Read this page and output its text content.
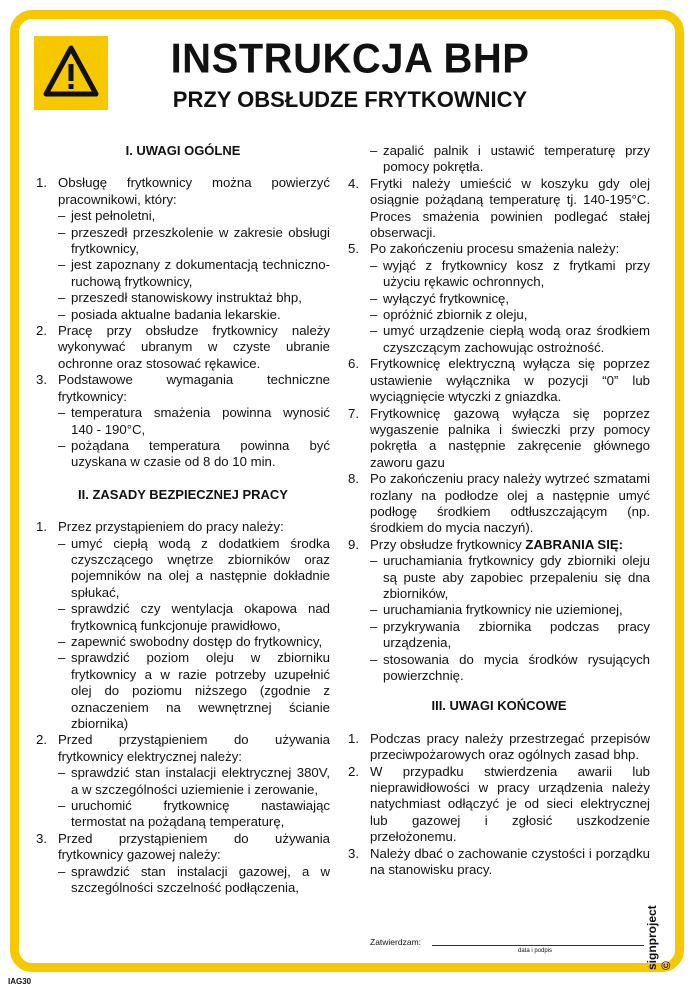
INSTRUKCJA BHP
PRZY OBSŁUDZE FRYTKOWNICY
I. UWAGI OGÓLNE
1. Obsługę frytkownicy można powierzyć pracownikowi, który:
– jest pełnoletni,
– przeszedł przeszkolenie w zakresie obsługi frytkownicy,
– jest zapoznany z dokumentacją techniczno-ruchową frytkownicy,
– przeszedł stanowiskowy instruktaż bhp,
– posiada aktualne badania lekarskie.
2. Pracę przy obsłudze frytkownicy należy wykonywać ubranym w czyste ubranie ochronne oraz stosować rękawice.
3. Podstawowe wymagania techniczne frytkownicy:
– temperatura smażenia powinna wynosić 140 - 190°C,
– pożądana temperatura powinna być uzyskana w czasie od 8 do 10 min.
II. ZASADY BEZPIECZNEJ PRACY
1. Przez przystąpieniem do pracy należy:
– umyć ciepłą wodą z dodatkiem środka czyszczącego wnętrze zbiorników oraz pojemników na olej a następnie dokładnie spłukać,
– sprawdzić czy wentylacja okapowa nad frytkownicą funkcjonuje prawidłowo,
– zapewnić swobodny dostęp do frytkownicy,
– sprawdzić poziom oleju w zbiorniku frytkownicy a w razie potrzeby uzupełnić olej do poziomu niższego (zgodnie z oznaczeniem na wewnętrznej ścianie zbiornika)
2. Przed przystąpieniem do używania frytkownicy elektrycznej należy:
– sprawdzić stan instalacji elektrycznej 380V, a w szczególności uziemienie i zerowanie,
– uruchomić frytkownicę nastawiając termostat na pożądaną temperaturę,
3. Przed przystąpieniem do używania frytkownicy gazowej należy:
– sprawdzić stan instalacji gazowej, a w szczególności szczelność podłączenia,
– zapalić palnik i ustawić temperaturę przy pomocy pokrętła.
4. Frytki należy umieścić w koszyku gdy olej osiągnie pożądaną temperaturę tj. 140-195°C. Proces smażenia powinien podlegać stałej obserwacji.
5. Po zakończeniu procesu smażenia należy:
– wyjąć z frytkownicy kosz z frytkami przy użyciu rękawic ochronnych,
– wyłączyć frytkownicę,
– opróżnić zbiornik z oleju,
– umyć urządzenie ciepłą wodą oraz środkiem czyszczącym zachowując ostrożność.
6. Frytkownicę elektryczną wyłącza się poprzez ustawienie wyłącznika w pozycji “0” lub wyciągnięcie wtyczki z gniazdka.
7. Frytkownicę gazową wyłącza się poprzez wygaszenie palnika i świeczki przy pomocy pokrętła a następnie zakręcenie głównego zaworu gazu
8. Po zakończeniu pracy należy wytrzeć szmatami rozlany na podłodze olej a następnie umyć podłogę środkiem odtłuszczającym (np. środkiem do mycia naczyń).
9. Przy obsłudze frytkownicy ZABRANIA SIĘ:
– uruchamiania frytkownicy gdy zbiorniki oleju są puste aby zapobiec przepaleniu się dna zbiorników,
– uruchamiania frytkownicy nie uziemionej,
– przykrywania zbiornika podczas pracy urządzenia,
– stosowania do mycia środków rysujących powierzchnię.
III. UWAGI KOŃCOWE
1. Podczas pracy należy przestrzegać przepisów przeciwpożarowych oraz ogólnych zasad bhp.
2. W przypadku stwierdzenia awarii lub nieprawidłowości w pracy urządzenia należy natychmiast odłączyć je od sieci elektrycznej lub gazowej i zgłosić uszkodzenie przełożonemu.
3. Należy dbać o zachowanie czystości i porządku na stanowisku pracy.
Zatwierdzam:
data i podpis	signproject ©
IAG30
